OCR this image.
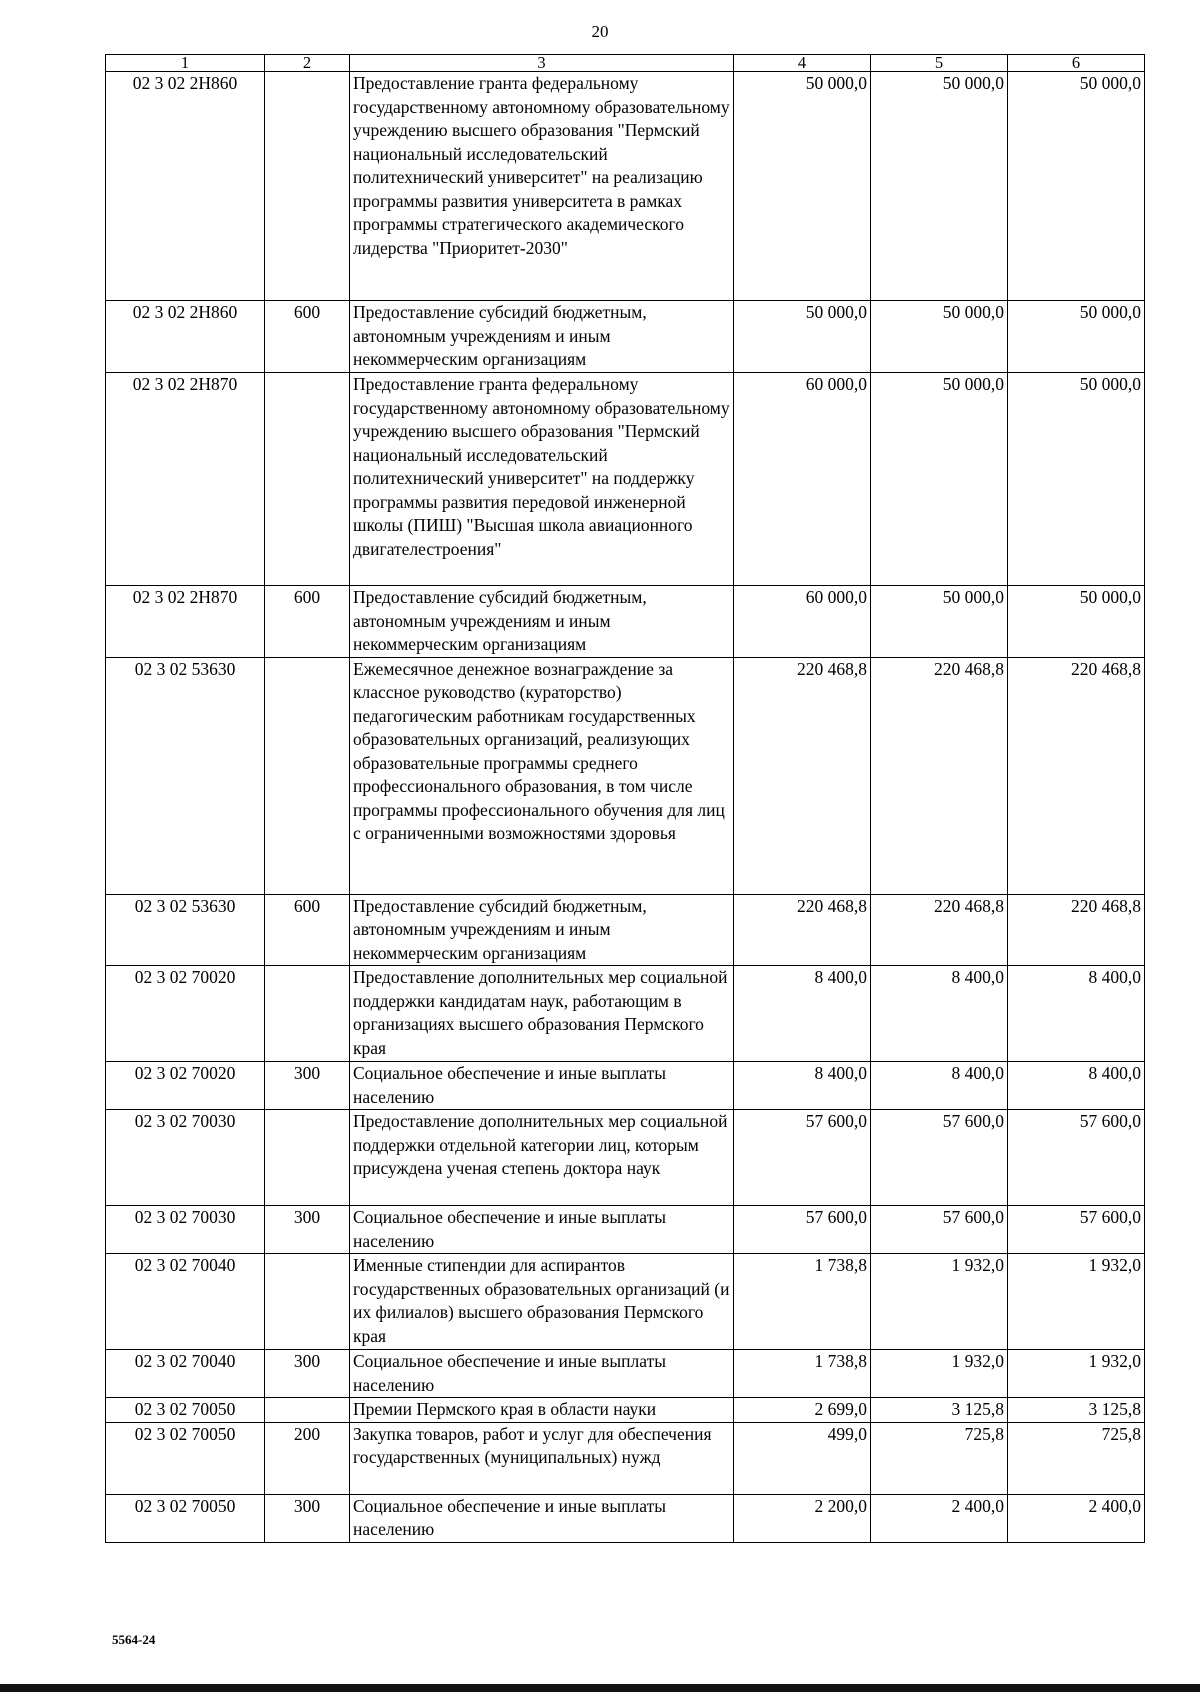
20
1	2	3	4	5	6
02 3 02 2Н860		Предоставление гранта федеральному государственному автономному образовательному учреждению высшего образования "Пермский национальный исследовательский политехнический университет" на реализацию программы развития университета в рамках программы стратегического академического лидерства "Приоритет-2030"	50 000,0	50 000,0	50 000,0
02 3 02 2Н860	600	Предоставление субсидий бюджетным, автономным учреждениям и иным некоммерческим организациям	50 000,0	50 000,0	50 000,0
02 3 02 2Н870		Предоставление гранта федеральному государственному автономному образовательному учреждению высшего образования "Пермский национальный исследовательский политехнический университет" на поддержку программы развития передовой инженерной школы (ПИШ) "Высшая школа авиационного двигателестроения"	60 000,0	50 000,0	50 000,0
02 3 02 2Н870	600	Предоставление субсидий бюджетным, автономным учреждениям и иным некоммерческим организациям	60 000,0	50 000,0	50 000,0
02 3 02 53630		Ежемесячное денежное вознаграждение за классное руководство (кураторство) педагогическим работникам государственных образовательных организаций, реализующих образовательные программы среднего профессионального образования, в том числе программы профессионального обучения для лиц с ограниченными возможностями здоровья	220 468,8	220 468,8	220 468,8
02 3 02 53630	600	Предоставление субсидий бюджетным, автономным учреждениям и иным некоммерческим организациям	220 468,8	220 468,8	220 468,8
02 3 02 70020		Предоставление дополнительных мер социальной поддержки кандидатам наук, работающим в организациях высшего образования Пермского края	8 400,0	8 400,0	8 400,0
02 3 02 70020	300	Социальное обеспечение и иные выплаты населению	8 400,0	8 400,0	8 400,0
02 3 02 70030		Предоставление дополнительных мер социальной поддержки отдельной категории лиц, которым присуждена ученая степень доктора наук	57 600,0	57 600,0	57 600,0
02 3 02 70030	300	Социальное обеспечение и иные выплаты населению	57 600,0	57 600,0	57 600,0
02 3 02 70040		Именные стипендии для аспирантов государственных образовательных организаций (и их филиалов) высшего образования Пермского края	1 738,8	1 932,0	1 932,0
02 3 02 70040	300	Социальное обеспечение и иные выплаты населению	1 738,8	1 932,0	1 932,0
02 3 02 70050		Премии Пермского края в области науки	2 699,0	3 125,8	3 125,8
02 3 02 70050	200	Закупка товаров, работ и услуг для обеспечения государственных (муниципальных) нужд	499,0	725,8	725,8
02 3 02 70050	300	Социальное обеспечение и иные выплаты населению	2 200,0	2 400,0	2 400,0
5564-24
